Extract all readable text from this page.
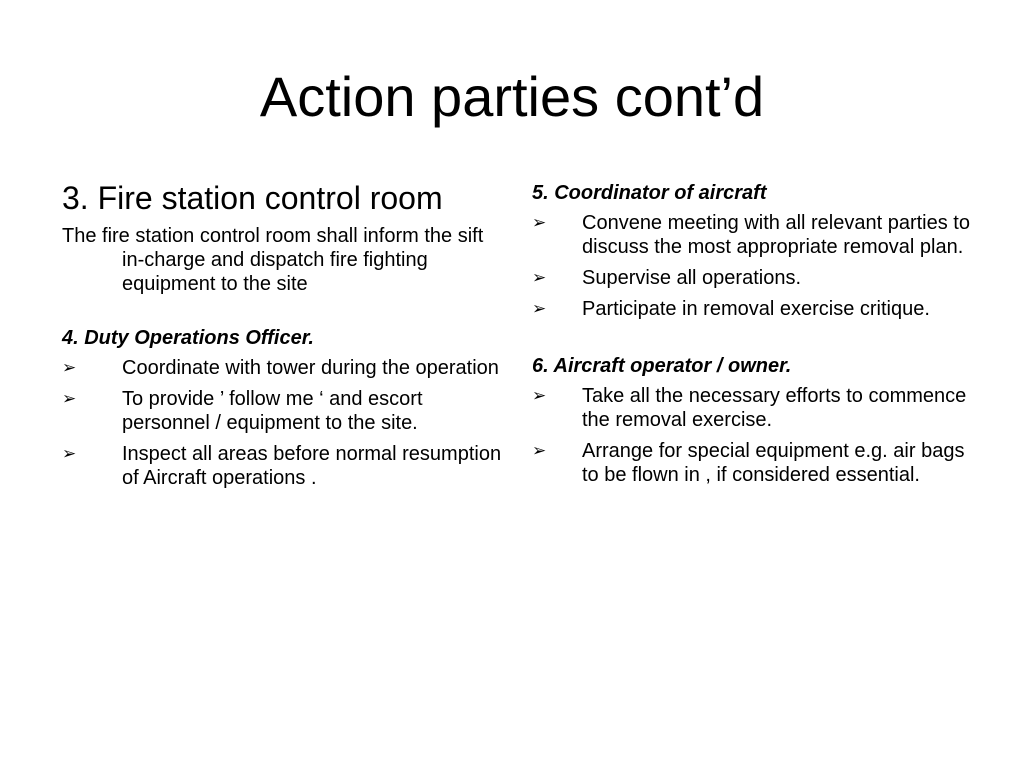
Action parties cont’d

3. Fire station control room

The fire station control room shall inform the sift in-charge and dispatch fire fighting equipment to the site

4. Duty Operations Officer.

➢ Coordinate with tower during the operation
➢ To provide ’ follow me ‘ and escort personnel / equipment to the site.
➢ Inspect all areas before normal resumption of Aircraft operations .

5. Coordinator of aircraft

➢ Convene meeting with all relevant parties to discuss the most appropriate removal plan.
➢ Supervise all operations.
➢ Participate in removal exercise critique.

6. Aircraft operator / owner.

➢ Take all the necessary efforts to commence the removal exercise.
➢ Arrange for special equipment e.g. air bags to be flown in , if considered essential.
